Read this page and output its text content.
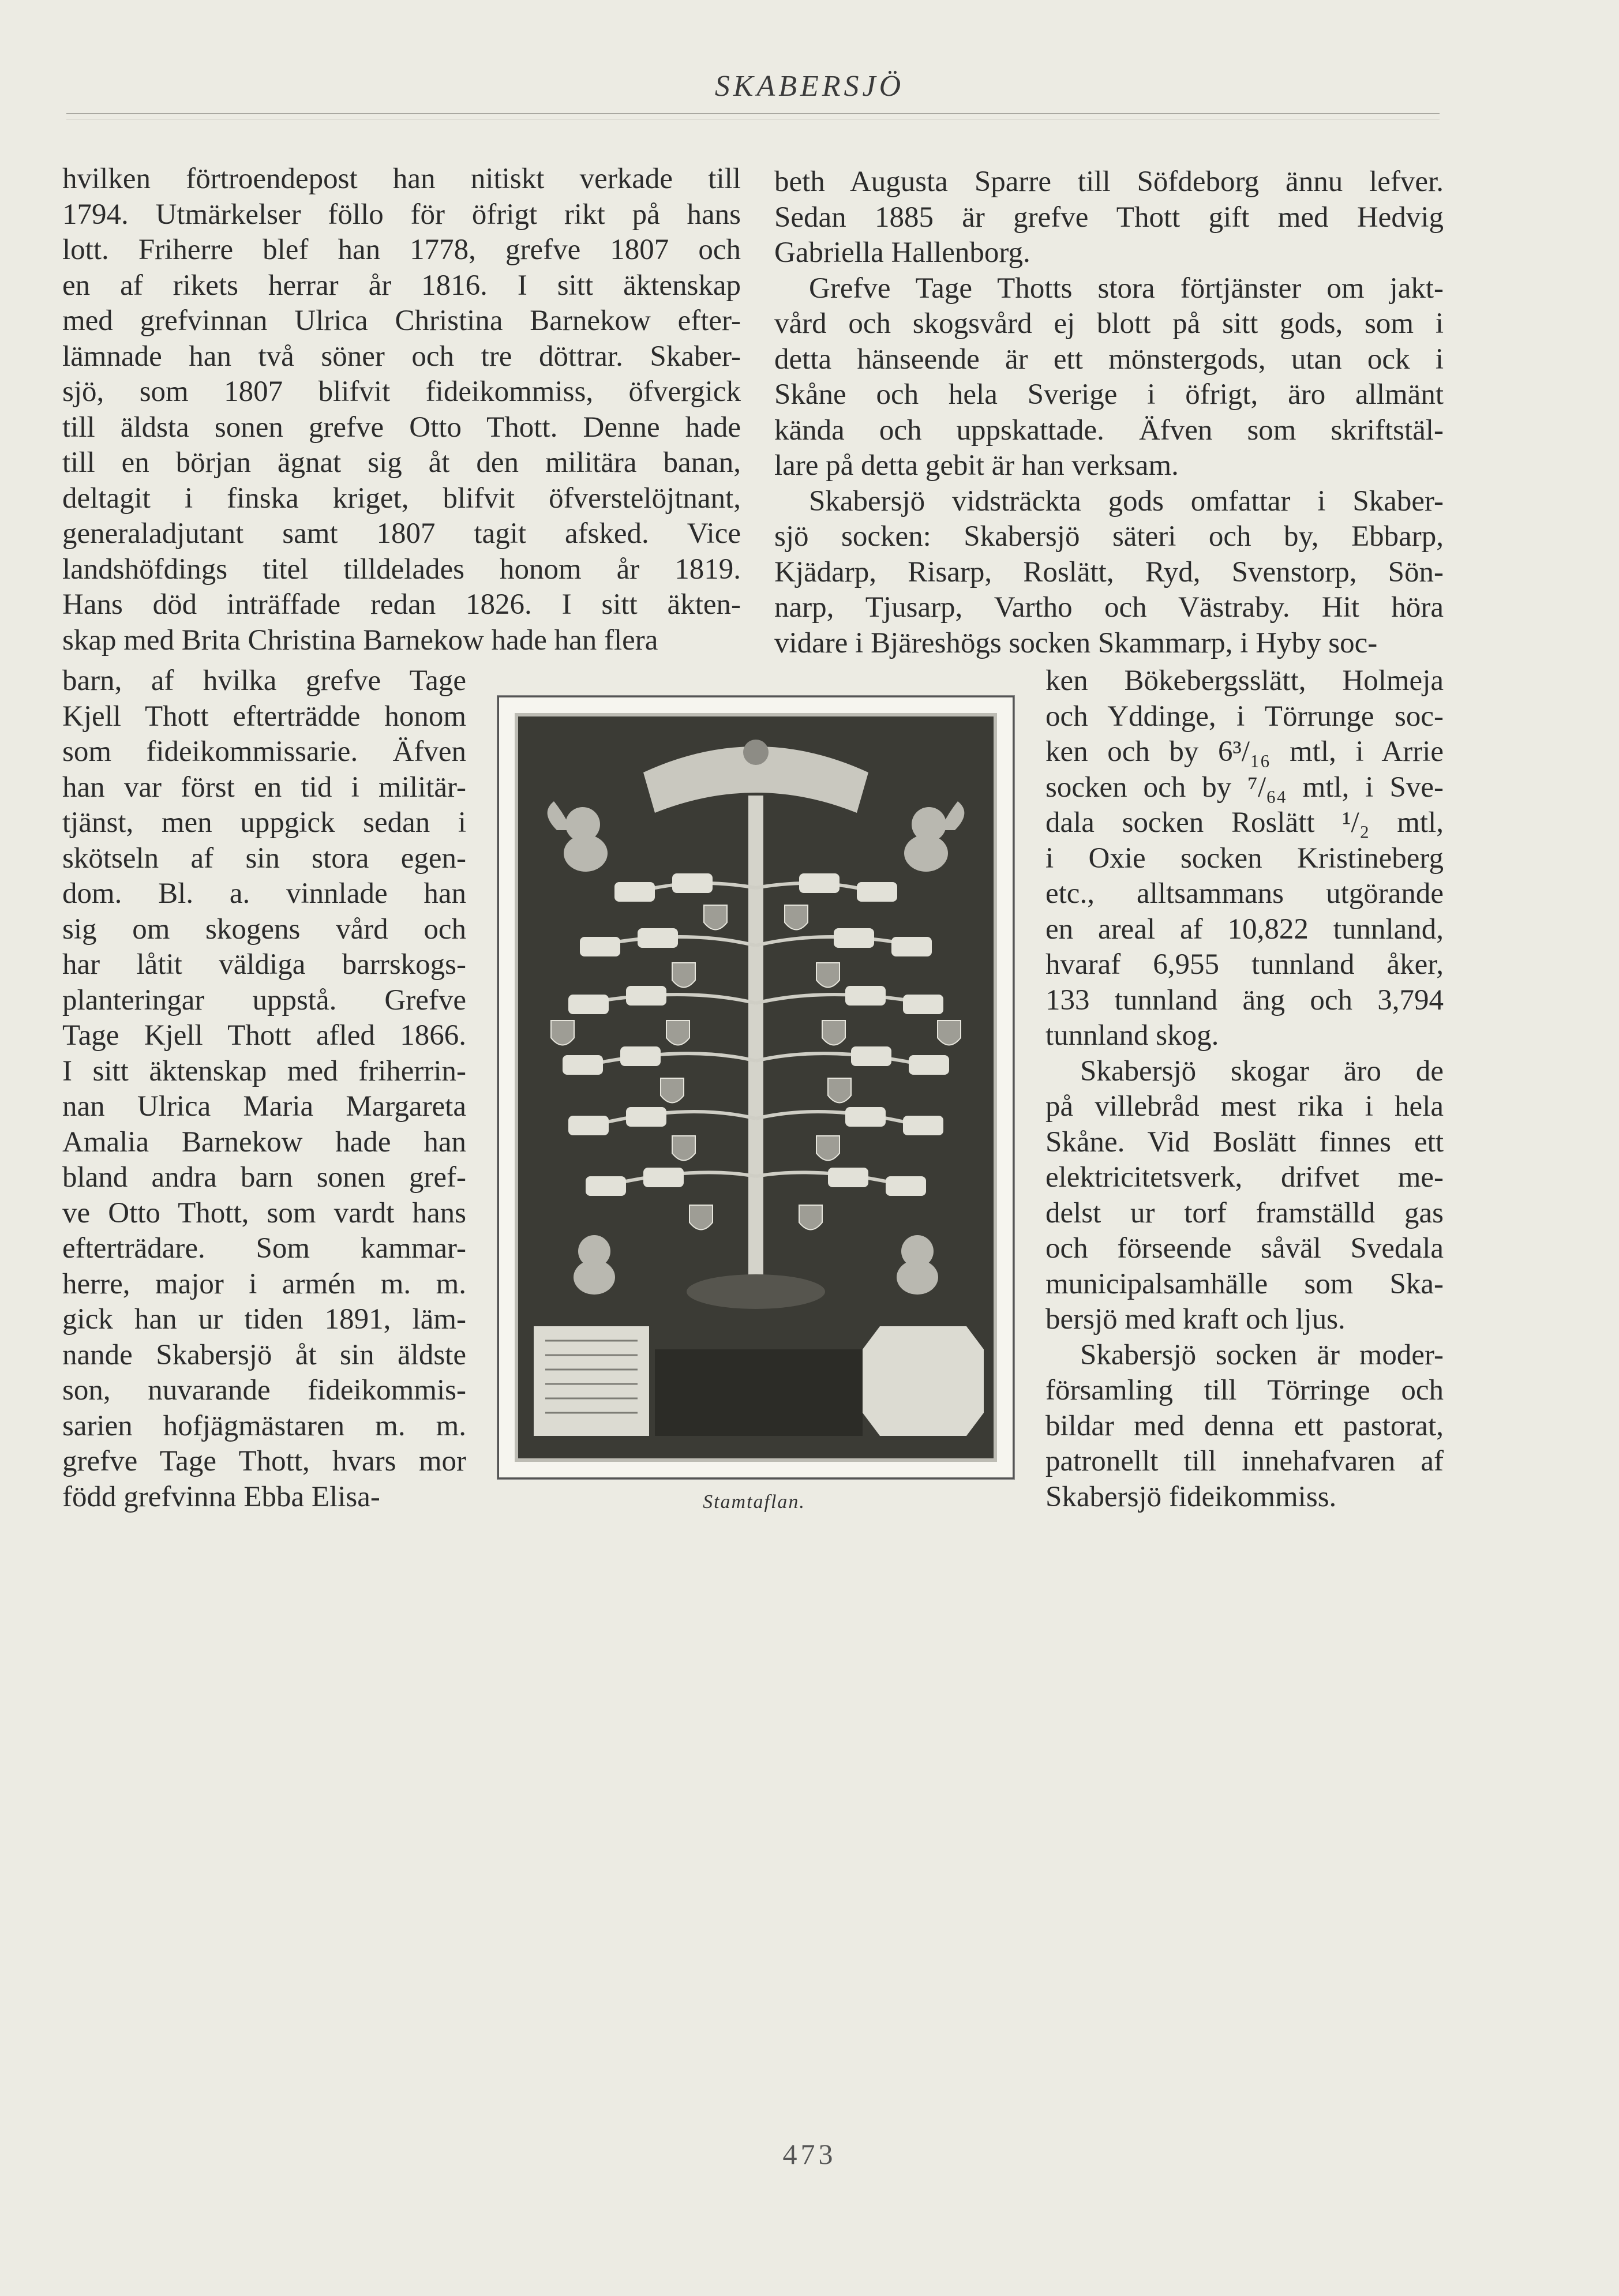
SKABERSJÖ
hvilken förtroendepost han nitiskt verkade till
1794. Utmärkelser föllo för öfrigt rikt på hans
lott. Friherre blef han 1778, grefve 1807 och
en af rikets herrar år 1816. I sitt äktenskap
med grefvinnan Ulrica Christina Barnekow efter-
lämnade han två söner och tre döttrar. Skaber-
sjö, som 1807 blifvit fideikommiss, öfvergick
till äldsta sonen grefve Otto Thott. Denne hade
till en början ägnat sig åt den militära banan,
deltagit i finska kriget, blifvit öfverstelöjtnant,
generaladjutant samt 1807 tagit afsked. Vice
landshöfdings titel tilldelades honom år 1819.
Hans död inträffade redan 1826. I sitt äkten-
skap med Brita Christina Barnekow hade han flera
barn, af hvilka grefve Tage
Kjell Thott efterträdde honom
som fideikommissarie. Äfven
han var först en tid i militär-
tjänst, men uppgick sedan i
skötseln af sin stora egen-
dom. Bl. a. vinnlade han
sig om skogens vård och
har låtit väldiga barrskogs-
planteringar uppstå. Grefve
Tage Kjell Thott afled 1866.
I sitt äktenskap med friherrin-
nan Ulrica Maria Margareta
Amalia Barnekow hade han
bland andra barn sonen gref-
ve Otto Thott, som vardt hans
efterträdare. Som kammar-
herre, major i armén m. m.
gick han ur tiden 1891, läm-
nande Skabersjö åt sin äldste
son, nuvarande fideikommis-
sarien hofjägmästaren m. m.
grefve Tage Thott, hvars mor
född grefvinna Ebba Elisa-
beth Augusta Sparre till Söfdeborg ännu lefver.
Sedan 1885 är grefve Thott gift med Hedvig
Gabriella Hallenborg.
Grefve Tage Thotts stora förtjänster om jakt-
vård och skogsvård ej blott på sitt gods, som i
detta hänseende är ett mönstergods, utan ock i
Skåne och hela Sverige i öfrigt, äro allmänt
kända och uppskattade. Äfven som skriftstäl-
lare på detta gebit är han verksam.
Skabersjö vidsträckta gods omfattar i Skaber-
sjö socken: Skabersjö säteri och by, Ebbarp,
Kjädarp, Risarp, Roslätt, Ryd, Svenstorp, Sön-
narp, Tjusarp, Vartho och Västraby. Hit höra
vidare i Bjäreshögs socken Skammarp, i Hyby soc-
ken Bökebergsslätt, Holmeja
och Yddinge, i Törrunge soc-
ken och by 6³/₁₆ mtl, i Arrie
socken och by ⁷/₆₄ mtl, i Sve-
dala socken Roslätt ¹/₂ mtl,
i Oxie socken Kristineberg
etc., alltsammans utgörande
en areal af 10,822 tunnland,
hvaraf 6,955 tunnland åker,
133 tunnland äng och 3,794
tunnland skog.
Skabersjö skogar äro de
på villebråd mest rika i hela
Skåne. Vid Boslätt finnes ett
elektricitetsverk, drifvet me-
delst ur torf framställd gas
och förseende såväl Svedala
municipalsamhälle som Ska-
bersjö med kraft och ljus.
Skabersjö socken är moder-
församling till Törringe och
bildar med denna ett pastorat,
patronellt till innehafvaren af
Skabersjö fideikommiss.
Stamtaflan.
473
